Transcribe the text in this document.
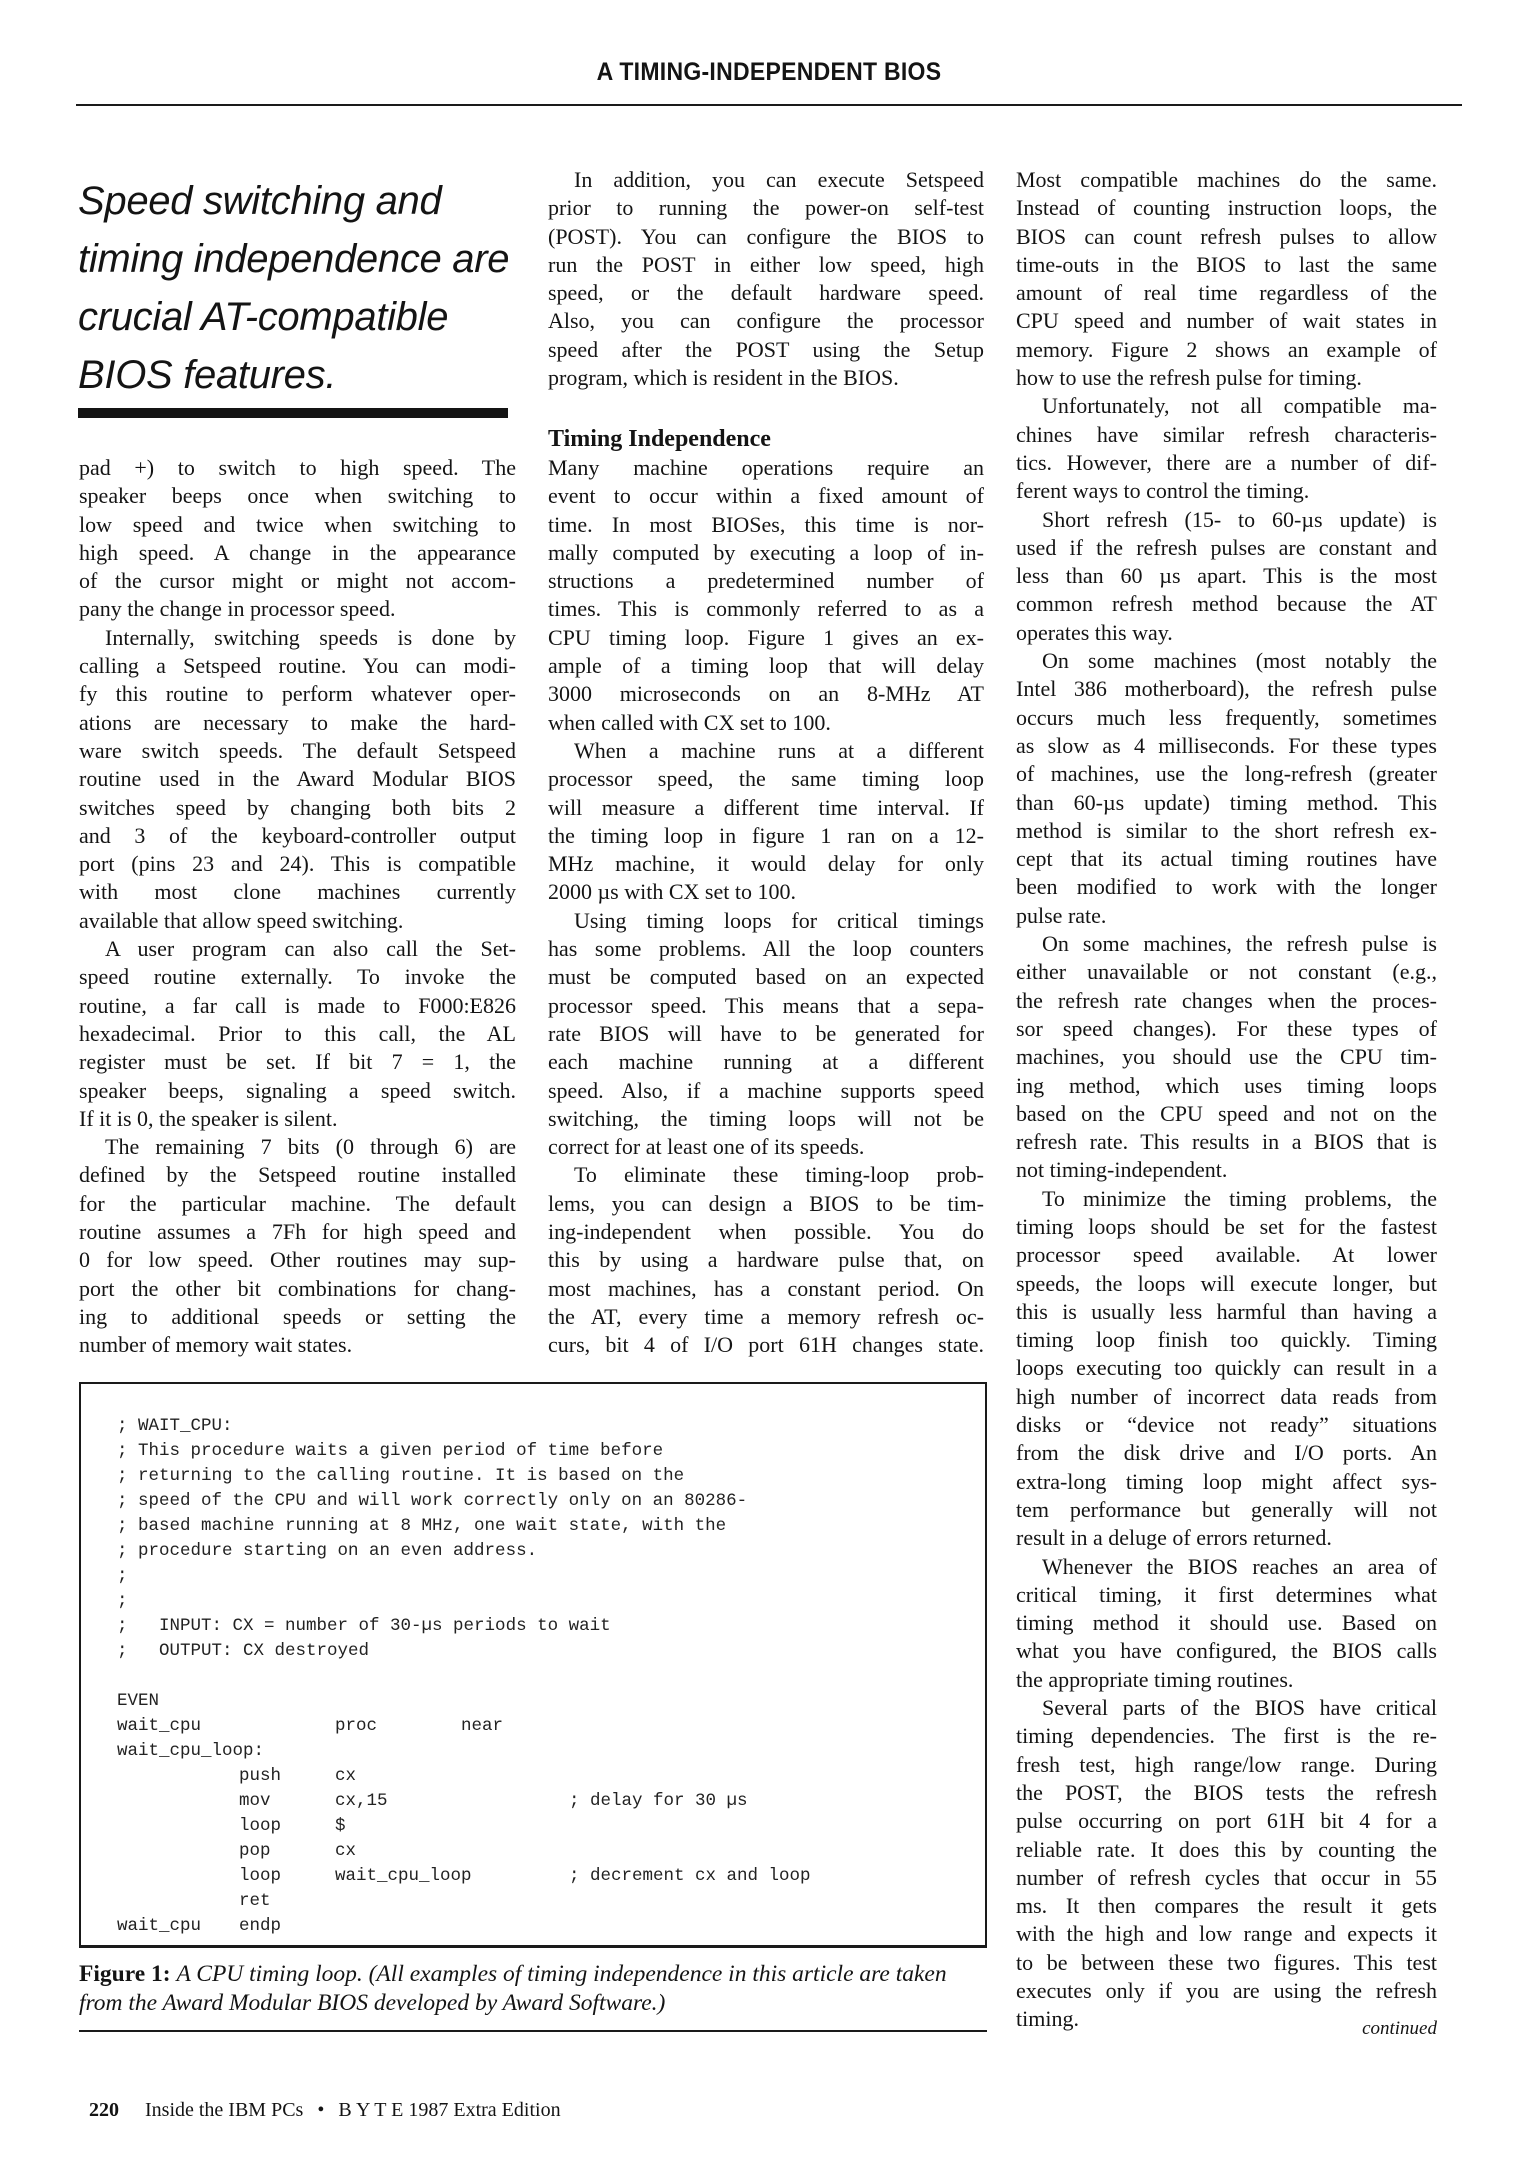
A TIMING-INDEPENDENT BIOS
Speed switching and
timing independence are
crucial AT-compatible
BIOS features.
pad +) to switch to high speed. The
speaker beeps once when switching to
low speed and twice when switching to
high speed. A change in the appearance
of the cursor might or might not accom-
pany the change in processor speed.
Internally, switching speeds is done by
calling a Setspeed routine. You can modi-
fy this routine to perform whatever oper-
ations are necessary to make the hard-
ware switch speeds. The default Setspeed
routine used in the Award Modular BIOS
switches speed by changing both bits 2
and 3 of the keyboard-controller output
port (pins 23 and 24). This is compatible
with most clone machines currently
available that allow speed switching.
A user program can also call the Set-
speed routine externally. To invoke the
routine, a far call is made to F000:E826
hexadecimal. Prior to this call, the AL
register must be set. If bit 7 = 1, the
speaker beeps, signaling a speed switch.
If it is 0, the speaker is silent.
The remaining 7 bits (0 through 6) are
defined by the Setspeed routine installed
for the particular machine. The default
routine assumes a 7Fh for high speed and
0 for low speed. Other routines may sup-
port the other bit combinations for chang-
ing to additional speeds or setting the
number of memory wait states.
In addition, you can execute Setspeed
prior to running the power-on self-test
(POST). You can configure the BIOS to
run the POST in either low speed, high
speed, or the default hardware speed.
Also, you can configure the processor
speed after the POST using the Setup
program, which is resident in the BIOS.
Timing Independence
Many machine operations require an
event to occur within a fixed amount of
time. In most BIOSes, this time is nor-
mally computed by executing a loop of in-
structions a predetermined number of
times. This is commonly referred to as a
CPU timing loop. Figure 1 gives an ex-
ample of a timing loop that will delay
3000 microseconds on an 8-MHz AT
when called with CX set to 100.
When a machine runs at a different
processor speed, the same timing loop
will measure a different time interval. If
the timing loop in figure 1 ran on a 12-
MHz machine, it would delay for only
2000 µs with CX set to 100.
Using timing loops for critical timings
has some problems. All the loop counters
must be computed based on an expected
processor speed. This means that a sepa-
rate BIOS will have to be generated for
each machine running at a different
speed. Also, if a machine supports speed
switching, the timing loops will not be
correct for at least one of its speeds.
To eliminate these timing-loop prob-
lems, you can design a BIOS to be tim-
ing-independent when possible. You do
this by using a hardware pulse that, on
most machines, has a constant period. On
the AT, every time a memory refresh oc-
curs, bit 4 of I/O port 61H changes state.
Most compatible machines do the same.
Instead of counting instruction loops, the
BIOS can count refresh pulses to allow
time-outs in the BIOS to last the same
amount of real time regardless of the
CPU speed and number of wait states in
memory. Figure 2 shows an example of
how to use the refresh pulse for timing.
Unfortunately, not all compatible ma-
chines have similar refresh characteris-
tics. However, there are a number of dif-
ferent ways to control the timing.
Short refresh (15- to 60-µs update) is
used if the refresh pulses are constant and
less than 60 µs apart. This is the most
common refresh method because the AT
operates this way.
On some machines (most notably the
Intel 386 motherboard), the refresh pulse
occurs much less frequently, sometimes
as slow as 4 milliseconds. For these types
of machines, use the long-refresh (greater
than 60-µs update) timing method. This
method is similar to the short refresh ex-
cept that its actual timing routines have
been modified to work with the longer
pulse rate.
On some machines, the refresh pulse is
either unavailable or not constant (e.g.,
the refresh rate changes when the proces-
sor speed changes). For these types of
machines, you should use the CPU tim-
ing method, which uses timing loops
based on the CPU speed and not on the
refresh rate. This results in a BIOS that is
not timing-independent.
To minimize the timing problems, the
timing loops should be set for the fastest
processor speed available. At lower
speeds, the loops will execute longer, but
this is usually less harmful than having a
timing loop finish too quickly. Timing
loops executing too quickly can result in a
high number of incorrect data reads from
disks or “device not ready” situations
from the disk drive and I/O ports. An
extra-long timing loop might affect sys-
tem performance but generally will not
result in a deluge of errors returned.
Whenever the BIOS reaches an area of
critical timing, it first determines what
timing method it should use. Based on
what you have configured, the BIOS calls
the appropriate timing routines.
Several parts of the BIOS have critical
timing dependencies. The first is the re-
fresh test, high range/low range. During
the POST, the BIOS tests the refresh
pulse occurring on port 61H bit 4 for a
reliable rate. It does this by counting the
number of refresh cycles that occur in 55
ms. It then compares the result it gets
with the high and low range and expects it
to be between these two figures. This test
executes only if you are using the refresh
timing.
; WAIT_CPU:
; This procedure waits a given period of time before
; returning to the calling routine. It is based on the
; speed of the CPU and will work correctly only on an 80286-
; based machine running at 8 MHz, one wait state, with the
; procedure starting on an even address.
;
;
;   INPUT: CX = number of 30-µs periods to wait
;   OUTPUT: CX destroyed
EVEN
wait_cpu	proc        near
wait_cpu_loop:
push	cx
mov	cx,15	; delay for 30 µs
loop	$
pop	cx
loop	wait_cpu_loop	; decrement cx and loop
ret
wait_cpu	endp
Figure 1: A CPU timing loop. (All examples of timing independence in this article are taken from the Award Modular BIOS developed by Award Software.)
continued

220 Inside the IBM PCs • B Y T E 1987 Extra Edition
